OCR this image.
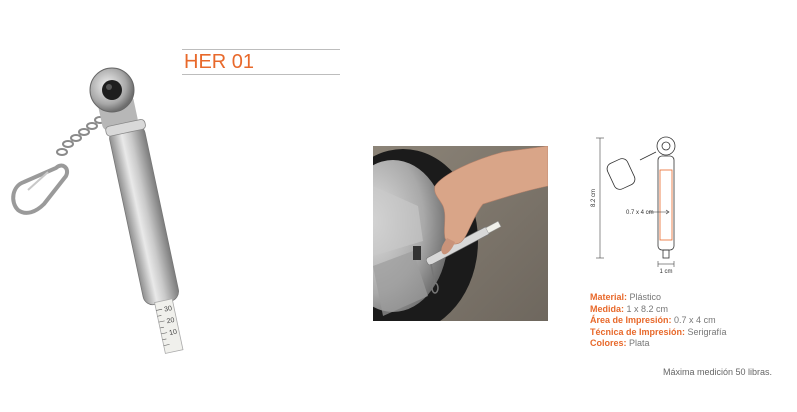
HER 01
30
20
10
8.2 cm
0.7 x 4 cm
1 cm
Material: Plástico
Medida: 1 x 8.2 cm
Área de Impresión: 0.7 x 4 cm
Técnica de Impresión: Serigrafía
Colores: Plata
Máxima medición 50 libras.
